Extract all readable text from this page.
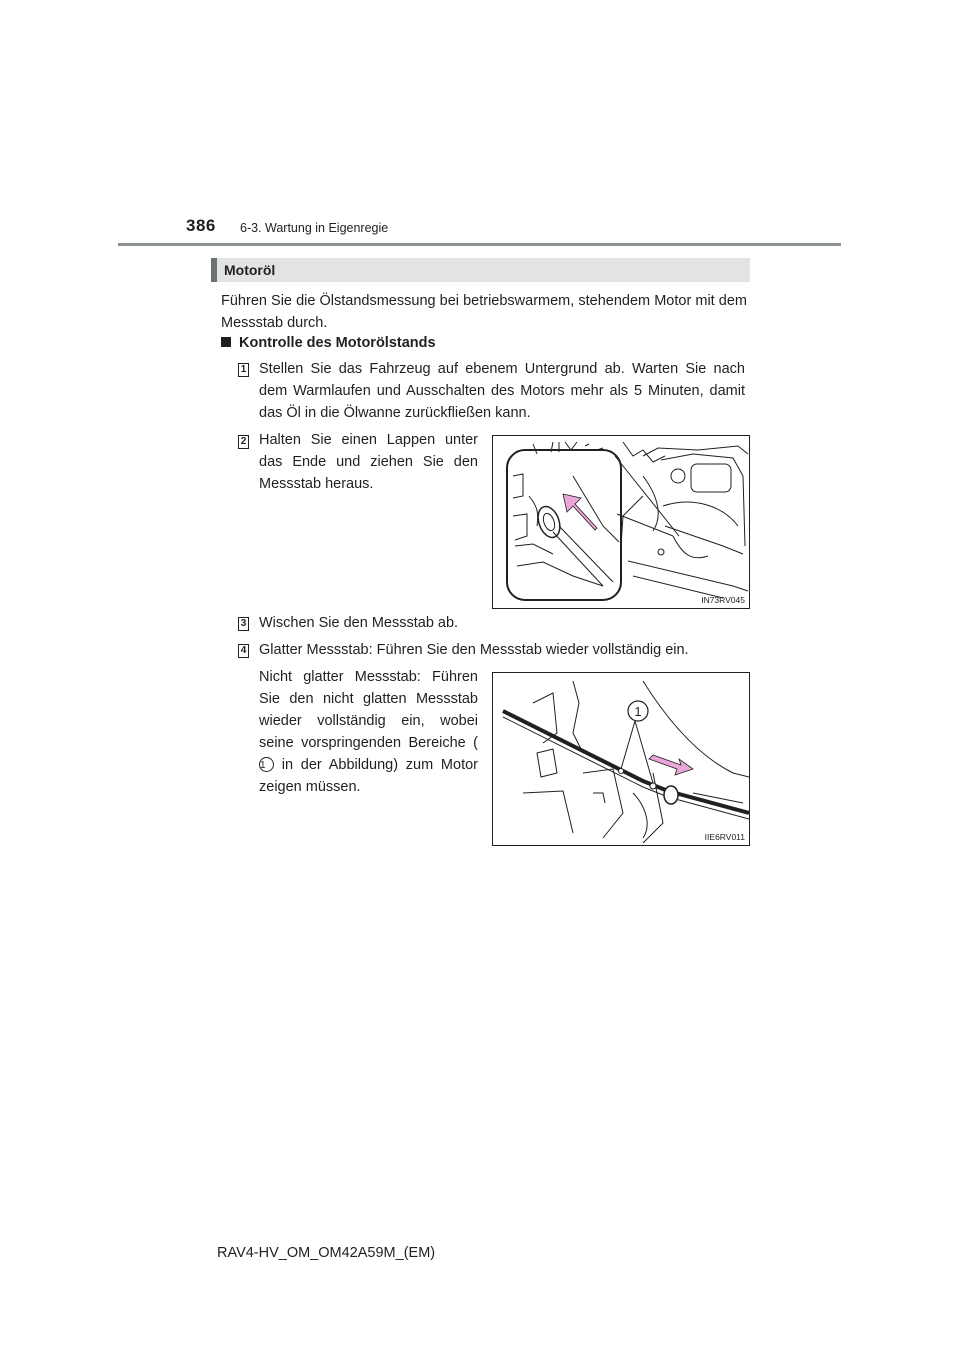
386 6-3. Wartung in Eigenregie
Motoröl
Führen Sie die Ölstandsmessung bei betriebswarmem, stehendem Motor mit dem Messstab durch.
Kontrolle des Motorölstands
1 Stellen Sie das Fahrzeug auf ebenem Untergrund ab. Warten Sie nach dem Warmlaufen und Ausschalten des Motors mehr als 5 Minuten, damit das Öl in die Ölwanne zurückfließen kann.
2 Halten Sie einen Lappen unter das Ende und ziehen Sie den Messstab heraus.
IN73RV045
3 Wischen Sie den Messstab ab.
4 Glatter Messstab: Führen Sie den Messstab wieder vollständig ein.
Nicht glatter Messstab: Führen Sie den nicht glatten Messstab wieder vollständig ein, wobei seine vorspringenden Bereiche (1 in der Abbildung) zum Motor zeigen müssen.
1
IIE6RV011
RAV4-HV_OM_OM42A59M_(EM)
